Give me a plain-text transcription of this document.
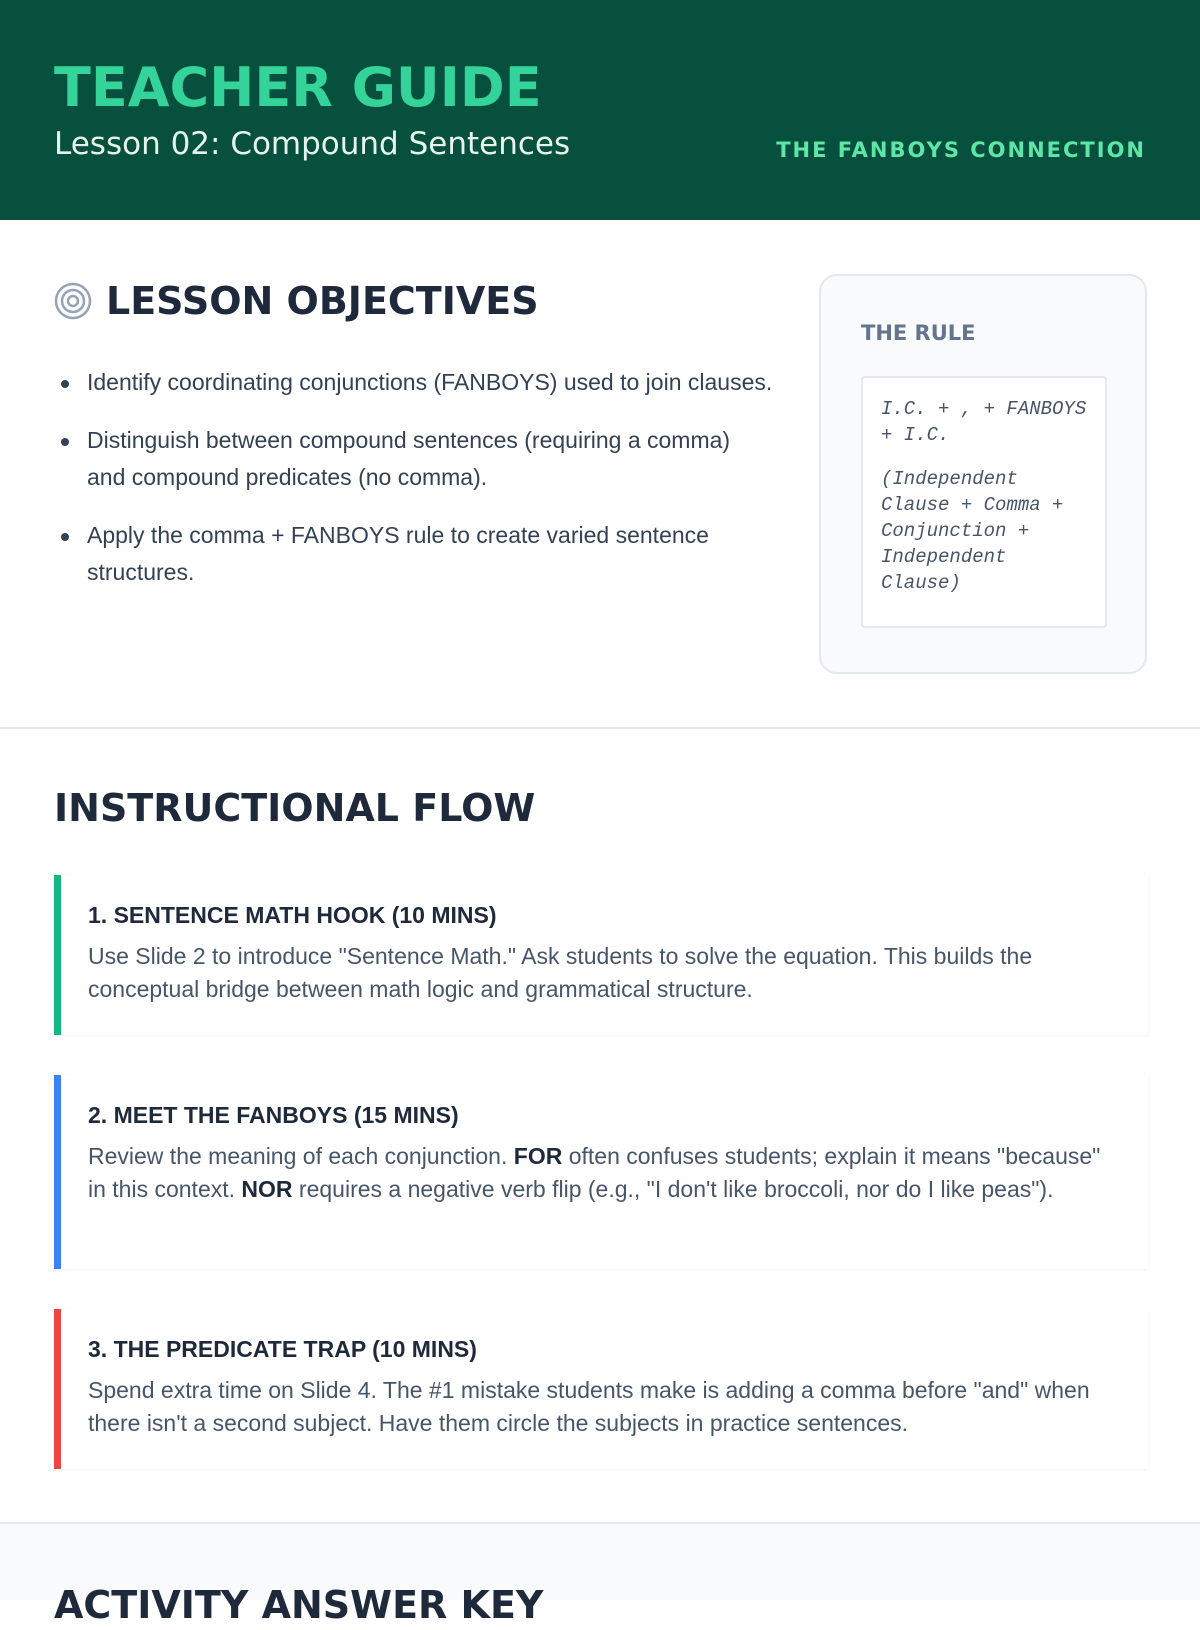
TEACHER GUIDE
Lesson 02: Compound Sentences	THE FANBOYS CONNECTION
LESSON OBJECTIVES
Identify coordinating conjunctions (FANBOYS) used to join clauses.
Distinguish between compound sentences (requiring a comma) and compound predicates (no comma).
Apply the comma + FANBOYS rule to create varied sentence structures.
THE RULE
I.C. + , + FANBOYS + I.C.
(Independent Clause + Comma + Conjunction + Independent Clause)
INSTRUCTIONAL FLOW
1. SENTENCE MATH HOOK (10 MINS)
Use Slide 2 to introduce "Sentence Math." Ask students to solve the equation. This builds the conceptual bridge between math logic and grammatical structure.
2. MEET THE FANBOYS (15 MINS)
Review the meaning of each conjunction. FOR often confuses students; explain it means "because" in this context. NOR requires a negative verb flip (e.g., "I don't like broccoli, nor do I like peas").
3. THE PREDICATE TRAP (10 MINS)
Spend extra time on Slide 4. The #1 mistake students make is adding a comma before "and" when there isn't a second subject. Have them circle the subjects in practice sentences.
ACTIVITY ANSWER KEY
